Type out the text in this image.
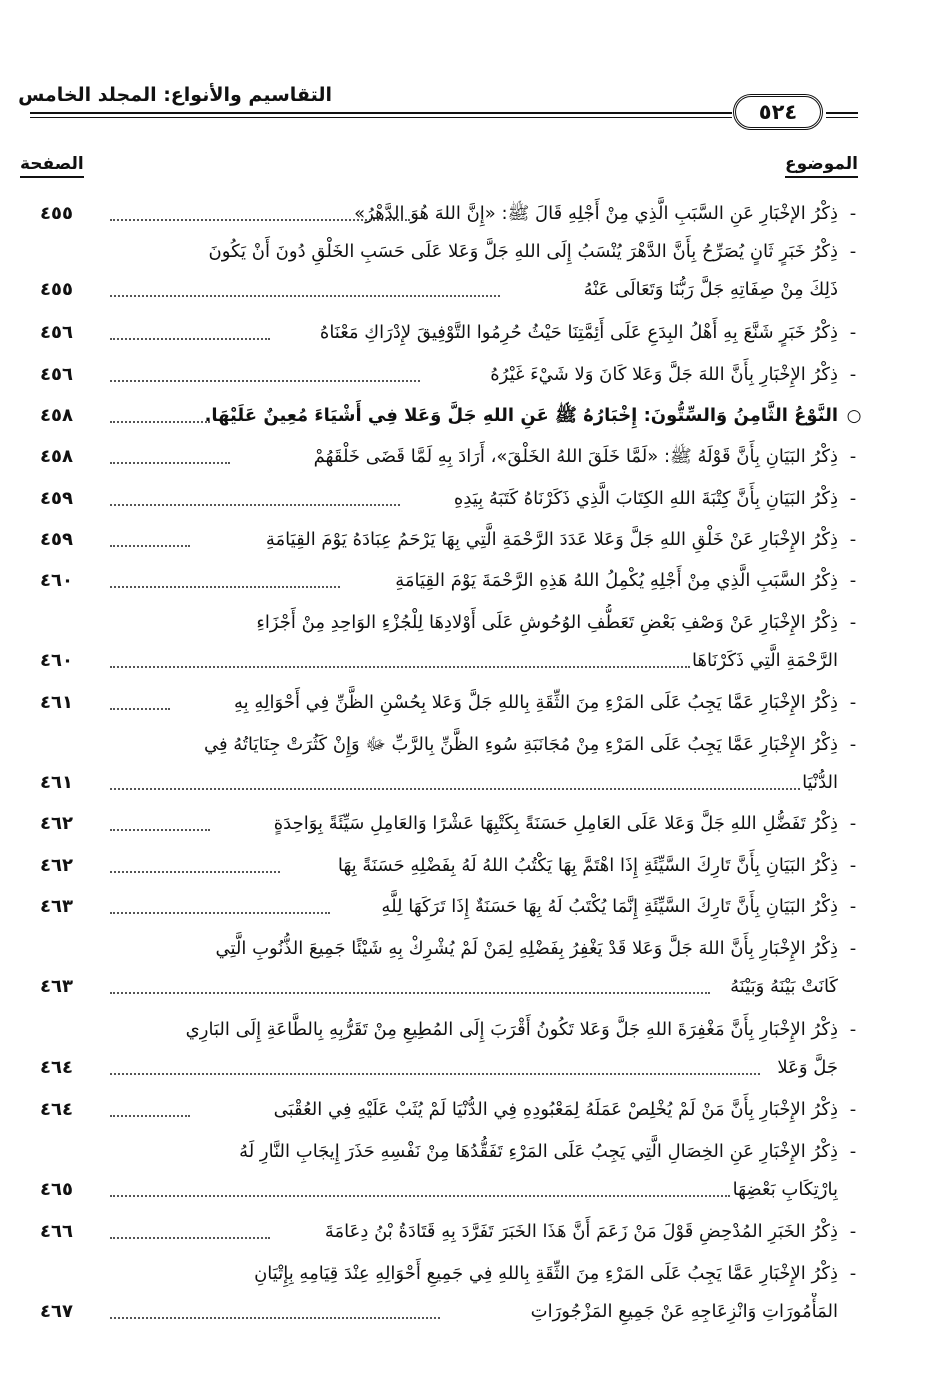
التقاسيم والأنواع: المجلد الخامس
٥٢٤
الموضوع
الصفحة
-
ذِكْرُ الإخْبَارِ عَنِ السَّبَبِ الَّذِي مِنْ أَجْلِهِ قَالَ ﷺ: «إِنَّ اللهَ هُوَ الدَّهْرُ»
٤٥٥
-
ذِكْرُ خَبَرٍ ثَانٍ يُصَرِّحُ بِأَنَّ الدَّهْرَ يُنْسَبُ إِلَى اللهِ جَلَّ وَعَلا عَلَى حَسَبِ الخَلْقِ دُونَ أَنْ يَكُونَ
ذَلِكَ مِنْ صِفَاتِهِ جَلَّ رَبُّنَا وَتَعَالَى عَنْهُ
٤٥٥
-
ذِكْرُ خَبَرٍ شَنَّعَ بِهِ أَهْلُ البِدَعِ عَلَى أَئِمَّتِنَا حَيْثُ حُرِمُوا التَّوْفِيقَ لإِدْرَاكِ مَعْنَاهُ
٤٥٦
-
ذِكْرُ الإِخْبَارِ بِأَنَّ اللهَ جَلَّ وَعَلا كَانَ وَلا شَيْءَ غَيْرُهُ
٤٥٦
○
النَّوْعُ الثَّامِنُ وَالسِّتُّونَ: إِخْبَارُهُ ﷺ عَنِ اللهِ جَلَّ وَعَلا فِي أَشْيَاءَ مُعِينٌ عَلَيْهَا.
٤٥٨
-
ذِكْرُ البَيَانِ بِأَنَّ قَوْلَهُ ﷺ: «لَمَّا خَلَقَ اللهُ الخَلْقَ»، أَرَادَ بِهِ لَمَّا قَضَى خَلْقَهُمْ
٤٥٨
-
ذِكْرُ البَيَانِ بِأَنَّ كِتْبَةَ اللهِ الكِتَابَ الَّذِي ذَكَرْنَاهُ كَتَبَهُ بِيَدِهِ
٤٥٩
-
ذِكْرُ الإِخْبَارِ عَنْ خَلْقِ اللهِ جَلَّ وَعَلا عَدَدَ الرَّحْمَةِ الَّتِي بِهَا يَرْحَمُ عِبَادَهُ يَوْمَ القِيَامَةِ
٤٥٩
-
ذِكْرُ السَّبَبِ الَّذِي مِنْ أَجْلِهِ يُكْمِلُ اللهُ هَذِهِ الرَّحْمَةَ يَوْمَ القِيَامَةِ
٤٦٠
-
ذِكْرُ الإِخْبَارِ عَنْ وَصْفِ بَعْضِ تَعَطُّفِ الوُحُوشِ عَلَى أَوْلادِهَا لِلْجُزْءِ الوَاحِدِ مِنْ أَجْزَاءِ
الرَّحْمَةِ الَّتِي ذَكَرْنَاهَا
٤٦٠
-
ذِكْرُ الإِخْبَارِ عَمَّا يَجِبُ عَلَى المَرْءِ مِنَ الثِّقَةِ بِاللهِ جَلَّ وَعَلا بِحُسْنِ الظَّنِّ فِي أَحْوَالِهِ بِهِ
٤٦١
-
ذِكْرُ الإِخْبَارِ عَمَّا يَجِبُ عَلَى المَرْءِ مِنْ مُجَانَبَةِ سُوءِ الظَّنِّ بِالرَّبِّ ﷻ وَإِنْ كَثُرَتْ جِنَايَاتُهُ فِي
الدُّنْيَا
٤٦١
-
ذِكْرُ تَفَضُّلِ اللهِ جَلَّ وَعَلا عَلَى العَامِلِ حَسَنَةً بِكَتْبِهَا عَشْرًا وَالعَامِلِ سَيِّئَةً بِوَاحِدَةٍ
٤٦٢
-
ذِكْرُ البَيَانِ بِأَنَّ تَارِكَ السَّيِّئَةِ إِذَا اهْتَمَّ بِهَا يَكْتُبُ اللهُ لَهُ بِفَضْلِهِ حَسَنَةً بِهَا
٤٦٢
-
ذِكْرُ البَيَانِ بِأَنَّ تَارِكَ السَّيِّئَةِ إِنَّمَا يُكْتَبُ لَهُ بِهَا حَسَنَةٌ إِذَا تَرَكَهَا لِلَّهِ
٤٦٣
-
ذِكْرُ الإِخْبَارِ بِأَنَّ اللهَ جَلَّ وَعَلا قَدْ يَغْفِرُ بِفَضْلِهِ لِمَنْ لَمْ يُشْرِكْ بِهِ شَيْئًا جَمِيعَ الذُّنُوبِ الَّتِي
كَانَتْ بَيْنَهُ وَبَيْنَهُ
٤٦٣
-
ذِكْرُ الإِخْبَارِ بِأَنَّ مَغْفِرَةَ اللهِ جَلَّ وَعَلا تَكُونُ أَقْرَبَ إِلَى المُطِيعِ مِنْ تَقَرُّبِهِ بِالطَّاعَةِ إِلَى البَارِي
جَلَّ وَعَلا
٤٦٤
-
ذِكْرُ الإِخْبَارِ بِأَنَّ مَنْ لَمْ يُخْلِصْ عَمَلَهُ لِمَعْبُودِهِ فِي الدُّنْيَا لَمْ يُثَبْ عَلَيْهِ فِي العُقْبَى
٤٦٤
-
ذِكْرُ الإِخْبَارِ عَنِ الخِصَالِ الَّتِي يَجِبُ عَلَى المَرْءِ تَفَقُّدُهَا مِنْ نَفْسِهِ حَذَرَ إِيجَابِ النَّارِ لَهُ
بِارْتِكَابِ بَعْضِهَا
٤٦٥
-
ذِكْرُ الخَبَرِ المُدْحِضِ قَوْلَ مَنْ زَعَمَ أَنَّ هَذَا الخَبَرَ تَفَرَّدَ بِهِ قَتَادَةُ بْنُ دِعَامَةَ
٤٦٦
-
ذِكْرُ الإِخْبَارِ عَمَّا يَجِبُ عَلَى المَرْءِ مِنَ الثِّقَةِ بِاللهِ فِي جَمِيعِ أَحْوَالِهِ عِنْدَ قِيَامِهِ بِإِتْيَانِ
المَأْمُورَاتِ وَانْزِعَاجِهِ عَنْ جَمِيعِ المَزْجُورَاتِ
٤٦٧
